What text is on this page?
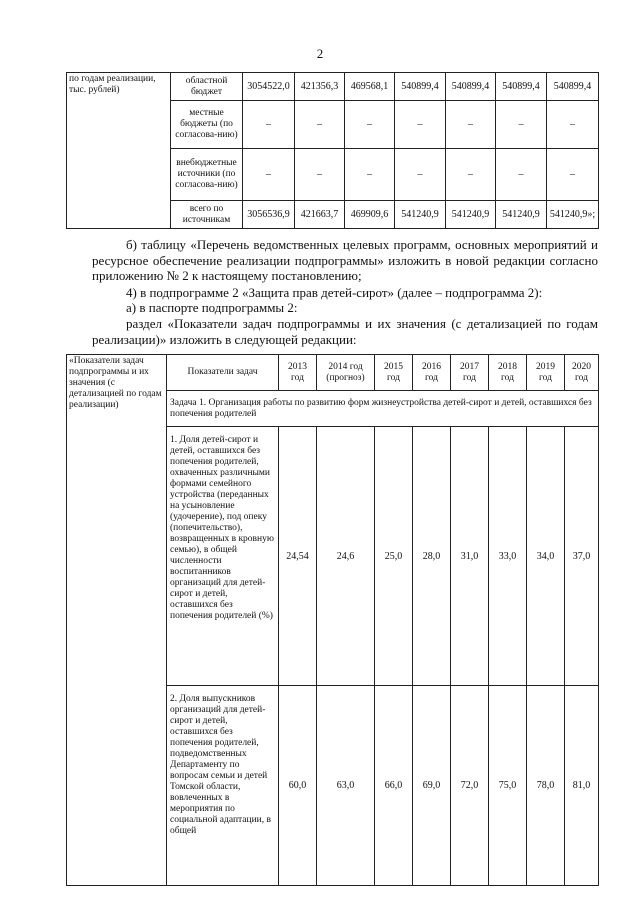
2
по годам реализации, тыс. рублей)	областной бюджет	3054522,0	421356,3	469568,1	540899,4	540899,4	540899,4	540899,4
	местные бюджеты (по согласова-нию)	–	–	–	–	–	–	–
	внебюджетные источники (по согласова-нию)	–	–	–	–	–	–	–
	всего по источникам	3056536,9	421663,7	469909,6	541240,9	541240,9	541240,9	541240,9»;
б) таблицу «Перечень ведомственных целевых программ, основных мероприятий и ресурсное обеспечение реализации подпрограммы» изложить в новой редакции согласно приложению № 2 к настоящему постановлению;
4) в подпрограмме 2 «Защита прав детей-сирот» (далее – подпрограмма 2):
а) в паспорте подпрограммы 2:
раздел «Показатели задач подпрограммы и их значения (с детализацией по годам реализации)» изложить в следующей редакции:
«Показатели задач подпрограммы и их значения (с детализацией по годам реализации)	Показатели задач	2013 год	2014 год (прогноз)	2015 год	2016 год	2017 год	2018 год	2019 год	2020 год
	Задача 1. Организация работы по развитию форм жизнеустройства детей-сирот и детей, оставшихся без попечения родителей								
	1. Доля детей-сирот и детей, оставшихся без попечения родителей, охваченных различными формами семейного устройства (переданных на усыновление (удочерение), под опеку (попечительство), возвращенных в кровную семью), в общей численности воспитанников организаций для детей-сирот и детей, оставшихся без попечения родителей (%)	24,54	24,6	25,0	28,0	31,0	33,0	34,0	37,0
	2. Доля выпускников организаций для детей-сирот и детей, оставшихся без попечения родителей, подведомственных Департаменту по вопросам семьи и детей Томской области, вовлеченных в мероприятия по социальной адаптации, в общей	60,0	63,0	66,0	69,0	72,0	75,0	78,0	81,0
